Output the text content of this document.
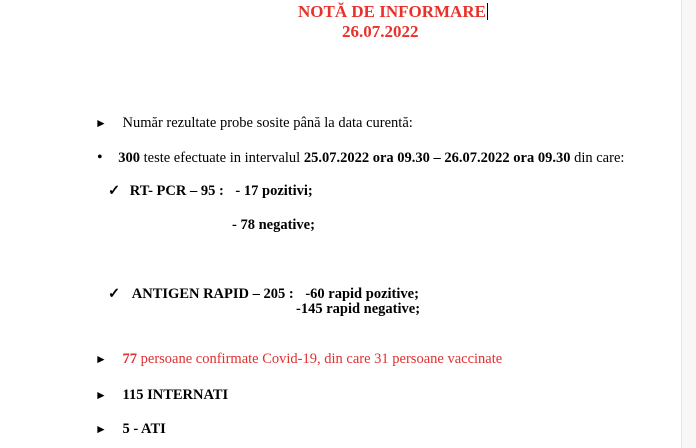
NOTĂ DE INFORMARE
26.07.2022
► Număr rezultate probe sosite până la data curentă:
• 300 teste efectuate in intervalul 25.07.2022 ora 09.30 – 26.07.2022 ora 09.30 din care:
✓ RT- PCR – 95 : - 17 pozitivi;
- 78 negative;
✓ ANTIGEN RAPID – 205 : -60 rapid pozitive;
-145 rapid negative;
► 77 persoane confirmate Covid-19, din care 31 persoane vaccinate
► 115 INTERNATI
► 5 - ATI
